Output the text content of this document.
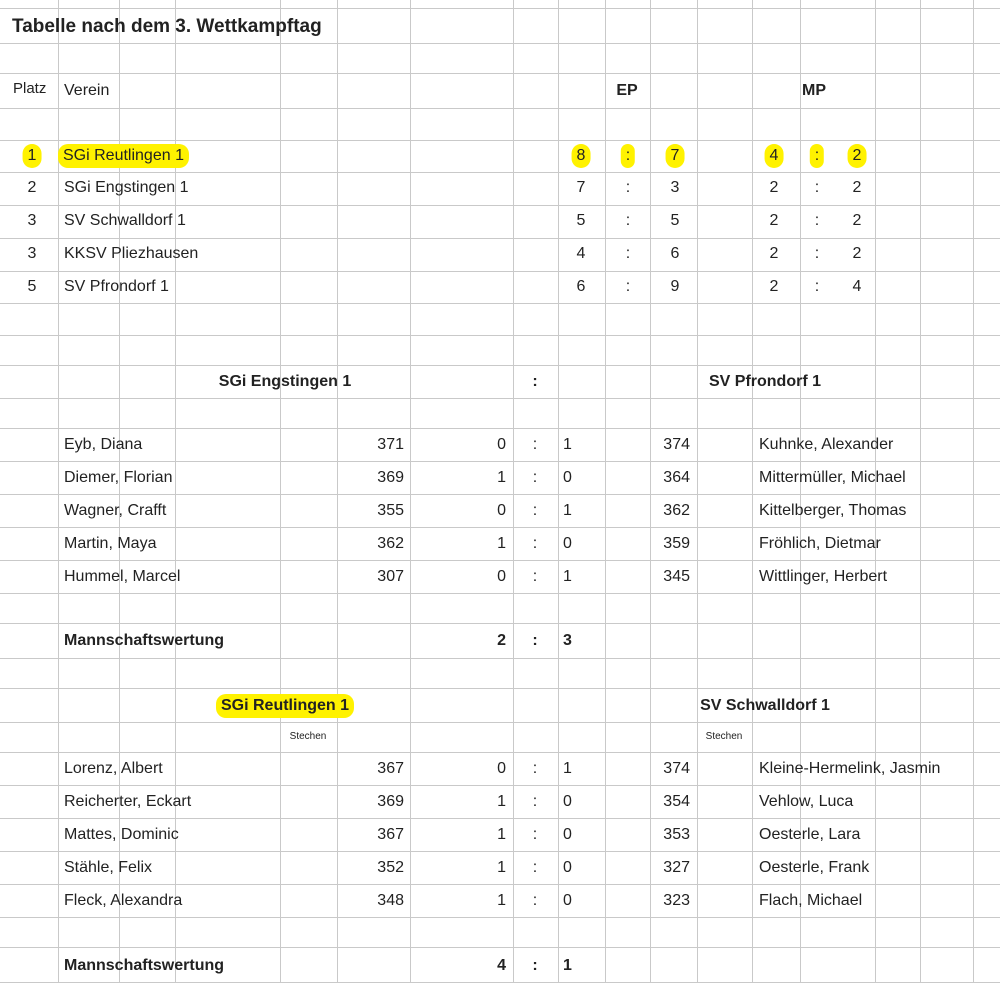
Tabelle nach dem 3. Wettkampftag
Platz Verein	EP	MP
1	SGi Reutlingen 1	8	:	7	4	:	2
2 SGi Engstingen 1	7	:	3	2 : 2
3 SV Schwalldorf 1	5	:	5	2 : 2
3 KKSV Pliezhausen	4	:	6	2 : 2
5 SV Pfrondorf 1	6	:	9	2 : 4
SGi Engstingen 1	:	SV Pfrondorf 1
Eyb, Diana	371	0 : 1	374	Kuhnke, Alexander
Diemer, Florian	369	1 : 0	364	Mittermüller, Michael
Wagner, Crafft	355	0 : 1	362	Kittelberger, Thomas
Martin, Maya	362	1 : 0	359	Fröhlich, Dietmar
Hummel, Marcel	307	0 : 1	345	Wittlinger, Herbert
Mannschaftswertung	2 : 3
SGi Reutlingen 1	SV Schwalldorf 1
Stechen	Stechen
Lorenz, Albert	367	0 : 1	374	Kleine-Hermelink, Jasmin
Reicherter, Eckart	369	1 : 0	354	Vehlow, Luca
Mattes, Dominic	367	1 : 0	353	Oesterle, Lara
Stähle, Felix	352	1 : 0	327	Oesterle, Frank
Fleck, Alexandra	348	1 : 0	323	Flach, Michael
Mannschaftswertung	4 : 1
